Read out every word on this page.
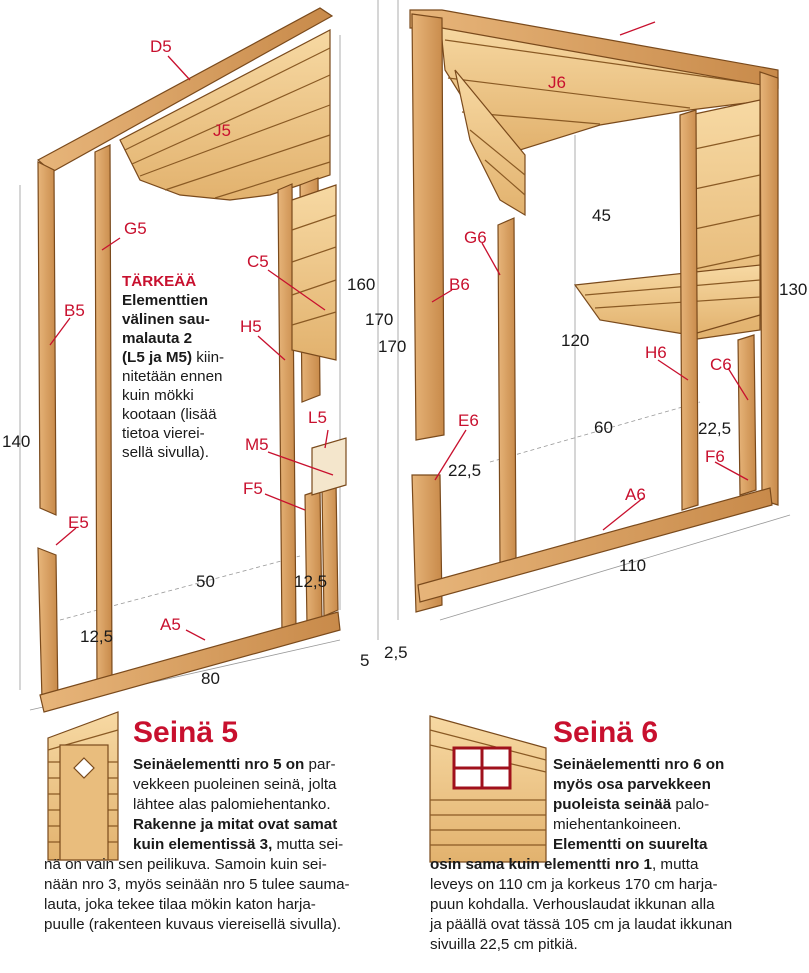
D5
J5
G5
B5
C5
H5
L5
M5
F5
E5
A5
J6
G6
B6
H6
C6
E6
F6
A6
160
170
170
140
50	12,5
12,5
2,5
5
80
45
120
130
60	22,5
22,5
110
TÄRKEÄÄ
Elementtien
välinen sau-
malauta 2
(L5 ja M5) kiin-
nitetään ennen
kuin mökki
kootaan (lisää
tietoa vierei-
sellä sivulla).
Seinä 5
Seinäelementti nro 5 on par-
vekkeen puoleinen seinä, jolta
lähtee alas palomiehentanko.
Rakenne ja mitat ovat samat
kuin elementissä 3, mutta sei-
nä on vain sen peilikuva. Samoin kuin sei-
nään nro 3, myös seinään nro 5 tulee sauma-
lauta, joka tekee tilaa mökin katon harja-
puulle (rakenteen kuvaus viereisellä sivulla).
Seinä 6
Seinäelementti nro 6 on
myös osa parvekkeen
puoleista seinää palo-
miehentankoineen.
Elementti on suurelta
osin sama kuin elementti nro 1, mutta
leveys on 110 cm ja korkeus 170 cm harja-
puun kohdalla. Verhouslaudat ikkunan alla
ja päällä ovat tässä 105 cm ja laudat ikkunan
sivuilla 22,5 cm pitkiä.
